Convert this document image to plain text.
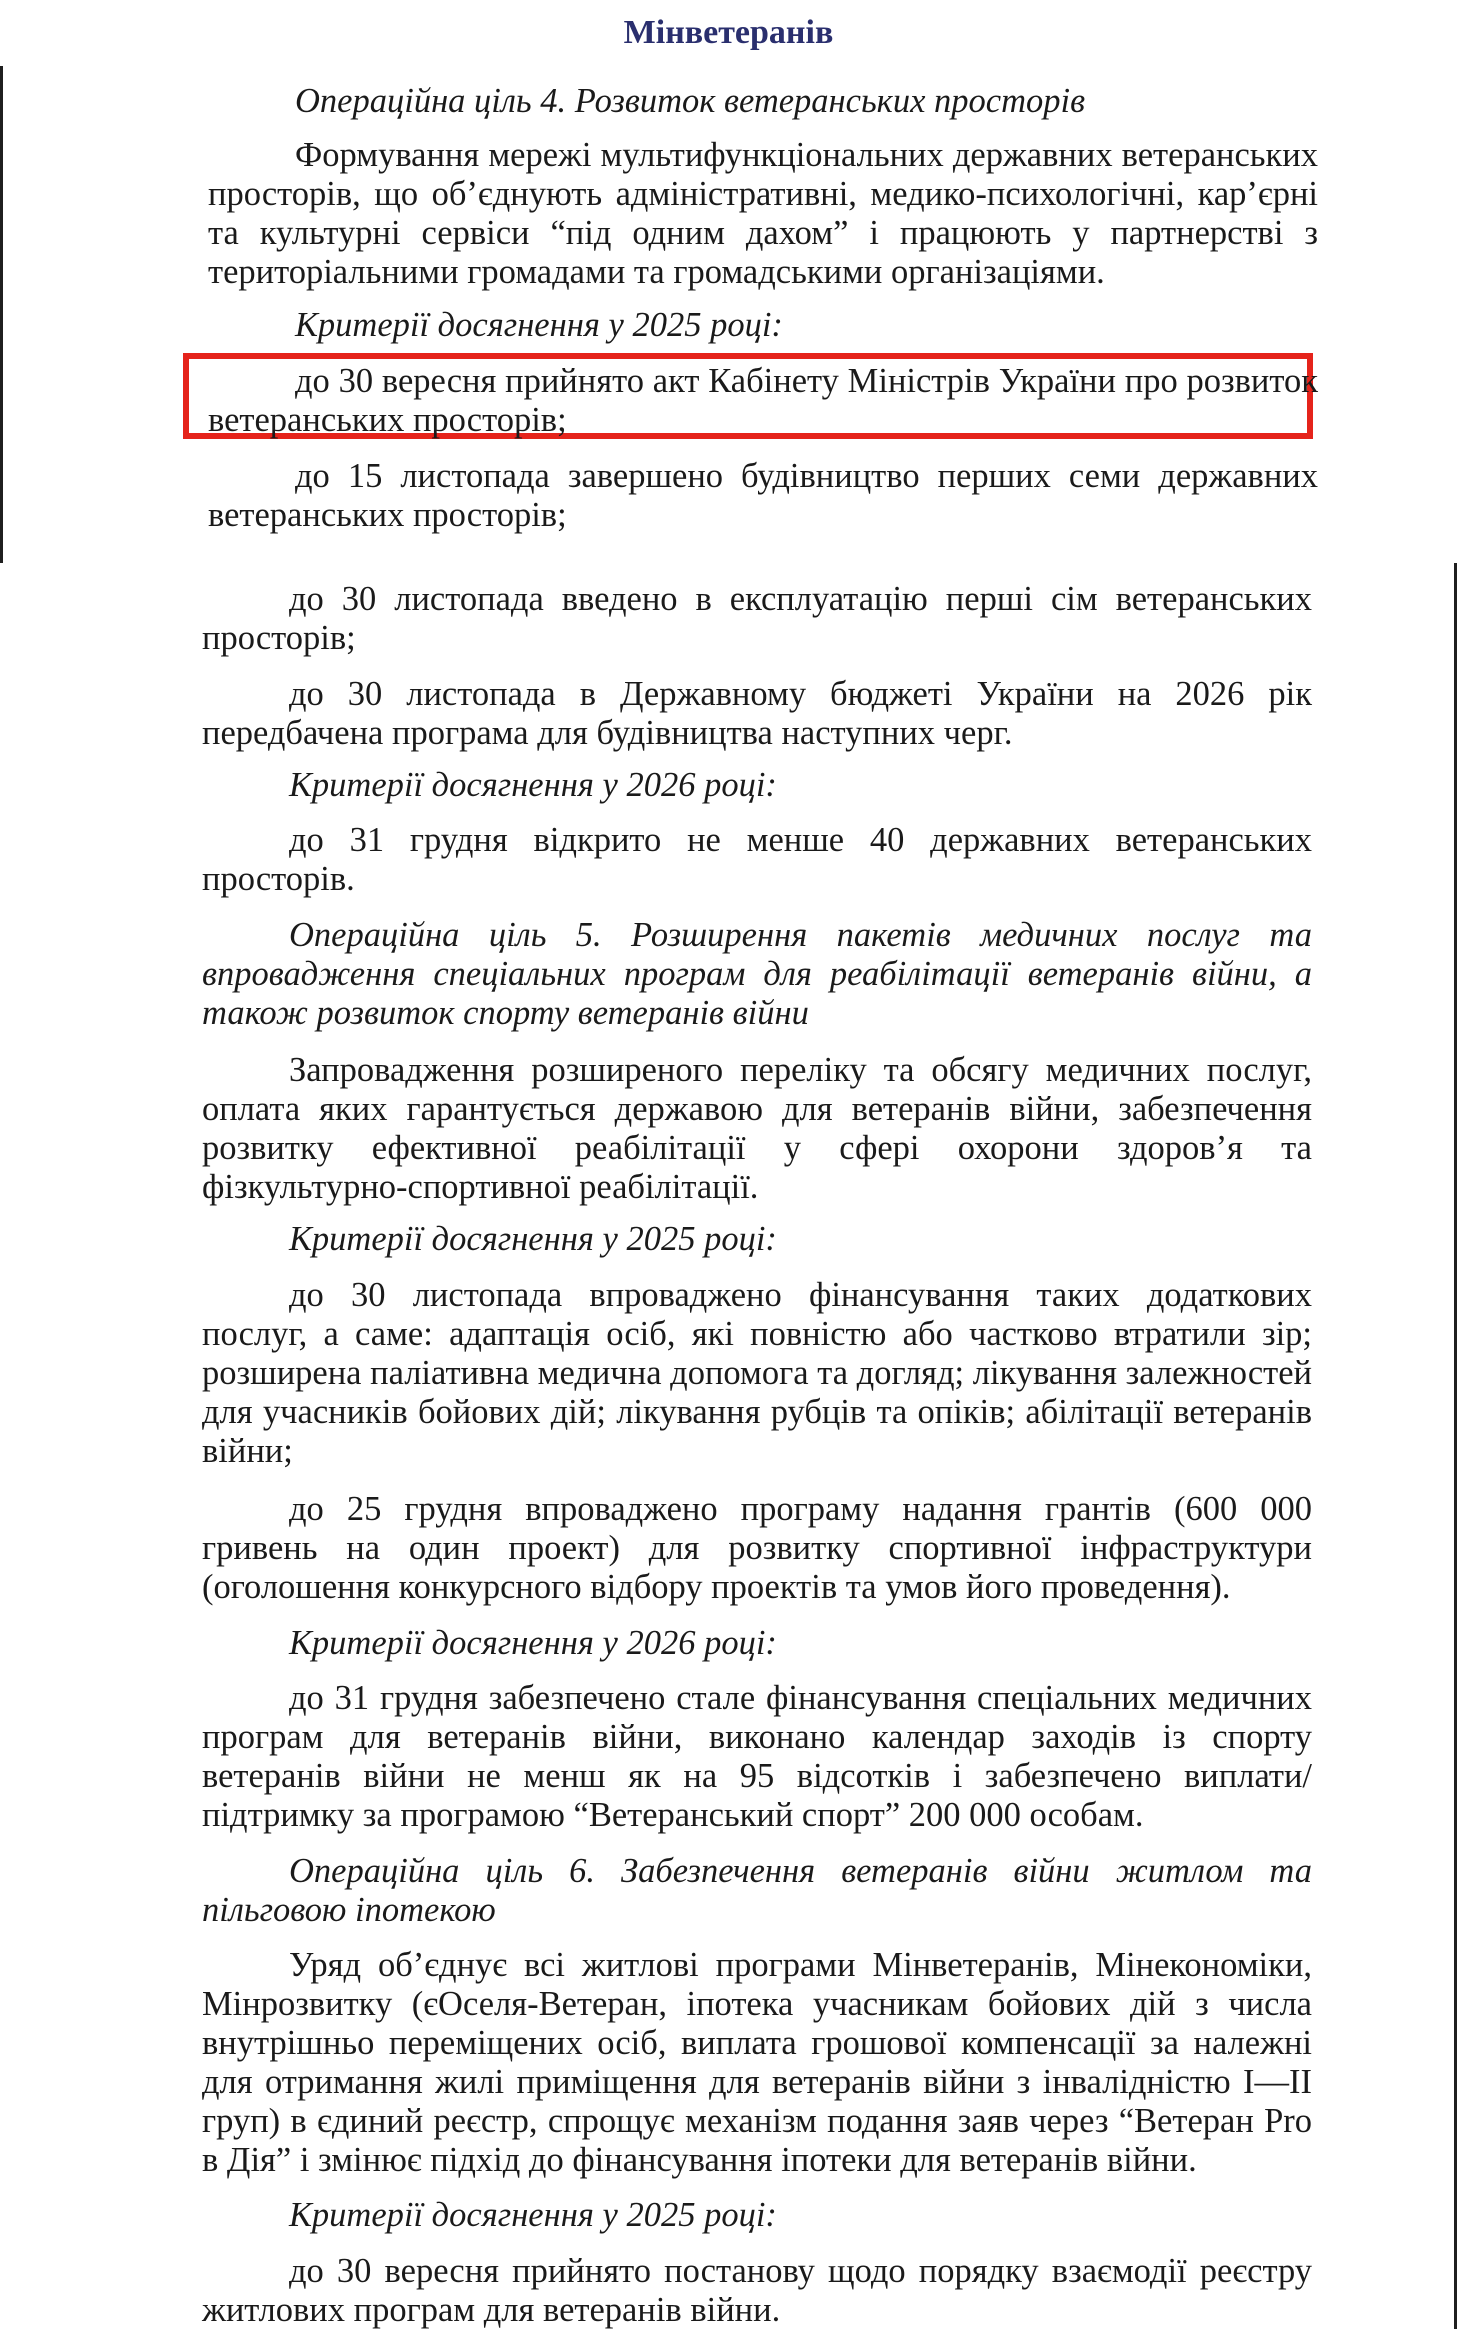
Мінветеранів

Операційна ціль 4. Розвиток ветеранських просторів

Формування мережі мультифункціональних державних ветеранських просторів, що об’єднують адміністративні, медико-психологічні, кар’єрні та культурні сервіси “під одним дахом” і працюють у партнерстві з територіальними громадами та громадськими організаціями.

Критерії досягнення у 2025 році:

до 30 вересня прийнято акт Кабінету Міністрів України про розвиток ветеранських просторів;

до 15 листопада завершено будівництво перших семи державних ветеранських просторів;

до 30 листопада введено в експлуатацію перші сім ветеранських просторів;

до 30 листопада в Державному бюджеті України на 2026 рік передбачена програма для будівництва наступних черг.

Критерії досягнення у 2026 році:

до 31 грудня відкрито не менше 40 державних ветеранських просторів.

Операційна ціль 5. Розширення пакетів медичних послуг та впровадження спеціальних програм для реабілітації ветеранів війни, а також розвиток спорту ветеранів війни

Запровадження розширеного переліку та обсягу медичних послуг, оплата яких гарантується державою для ветеранів війни, забезпечення розвитку ефективної реабілітації у сфері охорони здоров’я та фізкультурно-спортивної реабілітації.

Критерії досягнення у 2025 році:

до 30 листопада впроваджено фінансування таких додаткових послуг, а саме: адаптація осіб, які повністю або частково втратили зір; розширена паліативна медична допомога та догляд; лікування залежностей для учасників бойових дій; лікування рубців та опіків; абілітації ветеранів війни;

до 25 грудня впроваджено програму надання грантів (600 000 гривень на один проект) для розвитку спортивної інфраструктури (оголошення конкурсного відбору проектів та умов його проведення).

Критерії досягнення у 2026 році:

до 31 грудня забезпечено стале фінансування спеціальних медичних програм для ветеранів війни, виконано календар заходів із спорту ветеранів війни не менш як на 95 відсотків і забезпечено виплати/підтримку за програмою “Ветеранський спорт” 200 000 особам.

Операційна ціль 6. Забезпечення ветеранів війни житлом та пільговою іпотекою

Уряд об’єднує всі житлові програми Мінветеранів, Мінекономіки, Мінрозвитку (єОселя-Ветеран, іпотека учасникам бойових дій з числа внутрішньо переміщених осіб, виплата грошової компенсації за належні для отримання жилі приміщення для ветеранів війни з інвалідністю I—II груп) в єдиний реєстр, спрощує механізм подання заяв через “Ветеран Pro в Дія” і змінює підхід до фінансування іпотеки для ветеранів війни.

Критерії досягнення у 2025 році:

до 30 вересня прийнято постанову щодо порядку взаємодії реєстру житлових програм для ветеранів війни.
